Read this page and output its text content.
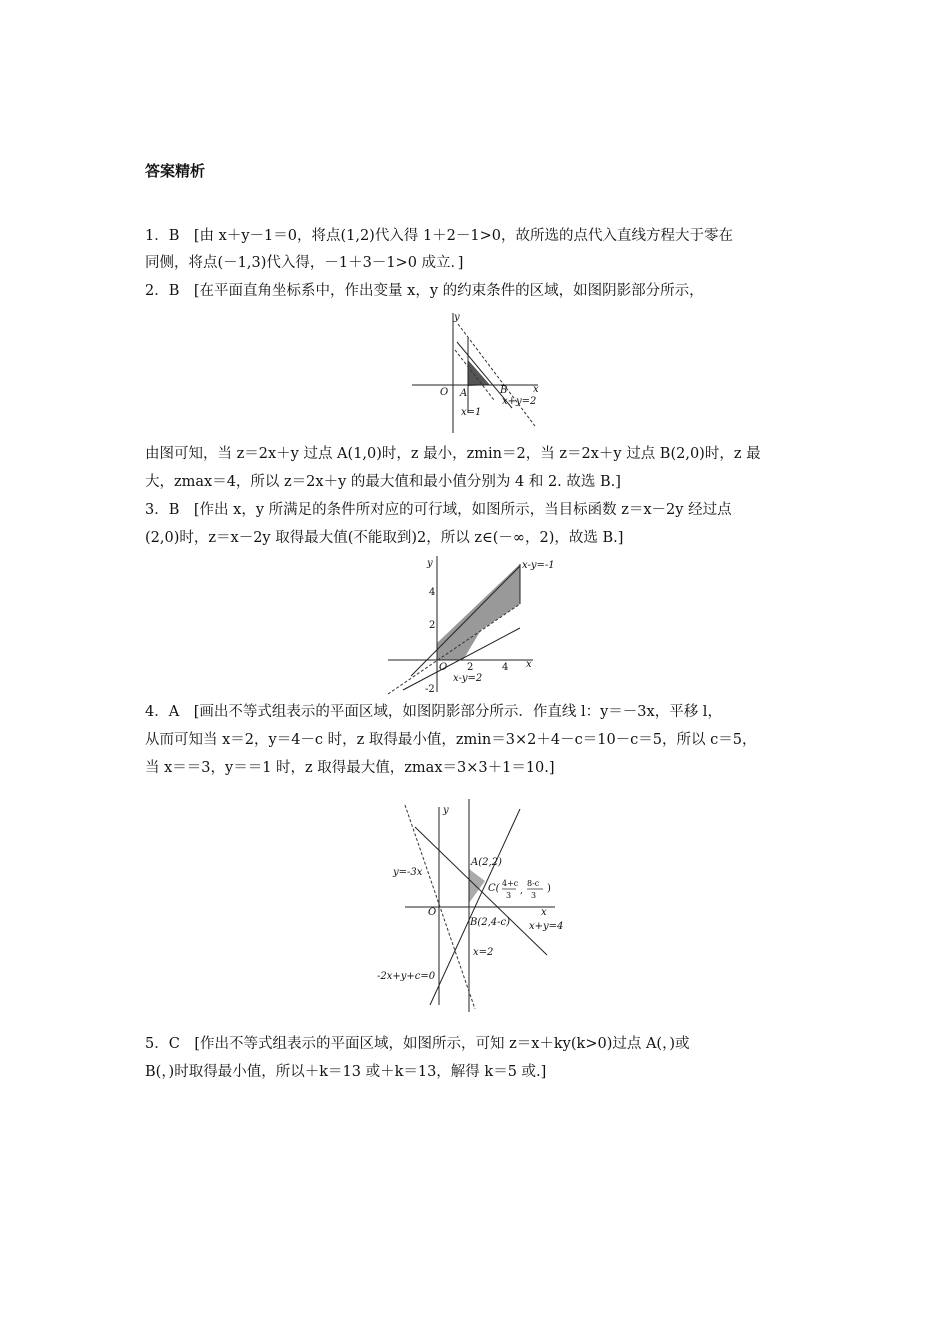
答案精析
1．B　[由 x＋y－1＝0，将点(1,2)代入得 1＋2－1>0，故所选的点代入直线方程大于零在
同侧，将点(－1,3)代入得，－1＋3－1>0 成立．]
2．B　[在平面直角坐标系中，作出变量 x，y 的约束条件的区域，如图阴影部分所示，
y
x
O A	B
x=1
x+y=2
由图可知，当 z＝2x＋y 过点 A(1,0)时，z 最小，zmin＝2，当 z＝2x＋y 过点 B(2,0)时，z 最
大，zmax＝4，所以 z＝2x＋y 的最大值和最小值分别为 4 和 2. 故选 B.]
3．B　[作出 x，y 所满足的条件所对应的可行域，如图所示，当目标函数 z＝x－2y 经过点
(2,0)时，z＝x－2y 取得最大值(不能取到)2，所以 z∈(－∞，2)，故选 B.]
y
x
O
4
2
-2
2	4
x-y=-1
x-y=2
4．A　[画出不等式组表示的平面区域，如图阴影部分所示．作直线 l：y＝－3x，平移 l，
从而可知当 x＝2，y＝4－c 时，z 取得最小值，zmin＝3×2＋4－c＝10－c＝5，所以 c＝5，
当 x＝＝3，y＝＝1 时，z 取得最大值，zmax＝3×3＋1＝10.]
y
x
O
A(2,2)
C( 4+c
3
8-c
3
)
,
B(2,4-c) x+y=4
x=2
y=-3x
-2x+y+c=0
5．C　[作出不等式组表示的平面区域，如图所示，可知 z＝x＋ky(k>0)过点 A(，)或
B(，)时取得最小值，所以＋k＝13 或＋k＝13，解得 k＝5 或.]
